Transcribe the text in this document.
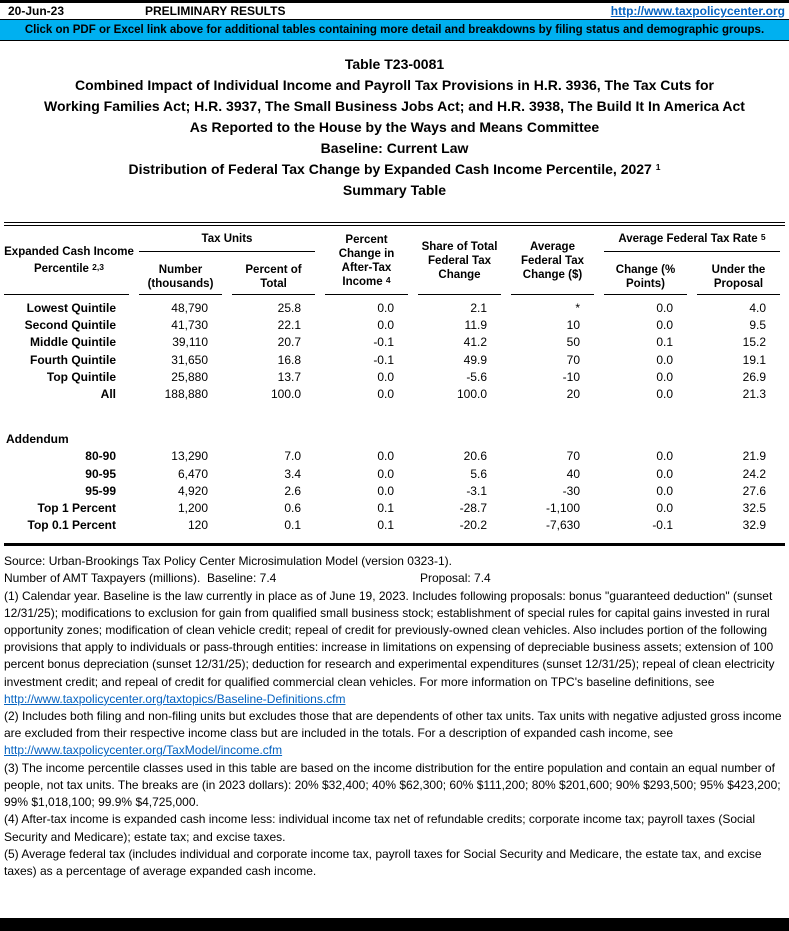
20-Jun-23	PRELIMINARY RESULTS	http://www.taxpolicycenter.org
Click on PDF or Excel link above for additional tables containing more detail and breakdowns by filing status and demographic groups.
Table T23-0081
Combined Impact of Individual Income and Payroll Tax Provisions in H.R. 3936, The Tax Cuts for
Working Families Act; H.R. 3937, The Small Business Jobs Act; and H.R. 3938, The Build It In America Act
As Reported to the House by the Ways and Means Committee
Baseline: Current Law
Distribution of Federal Tax Change by Expanded Cash Income Percentile, 2027 $^1$
Summary Table
Expanded Cash Income
Percentile $^{2,3}$
Tax Units
Number
(thousands)
Percent of
Total
Percent
Change in
After-Tax
Income $^4$
Share of Total
Federal Tax
Change
Average
Federal Tax
Change ($)
Average Federal Tax Rate $^5$
Change (%
Points)
Under the
Proposal
Lowest Quintile	48,790	25.8	0.0	2.1	*	0.0	4.0
Second Quintile	41,730	22.1	0.0	11.9	10	0.0	9.5
Middle Quintile	39,110	20.7	-0.1	41.2	50	0.1	15.2
Fourth Quintile	31,650	16.8	-0.1	49.9	70	0.0	19.1
Top Quintile	25,880	13.7	0.0	-5.6	-10	0.0	26.9
All	188,880	100.0	0.0	100.0	20	0.0	21.3
Addendum
80-90	13,290	7.0	0.0	20.6	70	0.0	21.9
90-95	6,470	3.4	0.0	5.6	40	0.0	24.2
95-99	4,920	2.6	0.0	-3.1	-30	0.0	27.6
Top 1 Percent	1,200	0.6	0.1	-28.7	-1,100	0.0	32.5
Top 0.1 Percent	120	0.1	0.1	-20.2	-7,630	-0.1	32.9
Source: Urban-Brookings Tax Policy Center Microsimulation Model (version 0323-1).
Number of AMT Taxpayers (millions).  Baseline: 7.4	Proposal: 7.4
(1) Calendar year. Baseline is the law currently in place as of June 19, 2023. Includes following proposals: bonus "guaranteed deduction" (sunset 12/31/25); modifications to exclusion for gain from qualified small business stock; establishment of special rules for capital gains invested in rural opportunity zones; modification of clean vehicle credit; repeal of credit for previously-owned clean vehicles. Also includes portion of the following provisions that apply to individuals or pass-through entities: increase in limitations on expensing of depreciable business assets; extension of 100 percent bonus depreciation (sunset 12/31/25); deduction for research and experimental expenditures (sunset 12/31/25); repeal of clean electricity investment credit; and repeal of credit for qualified commercial clean vehicles. For more information on TPC's baseline definitions, see
http://www.taxpolicycenter.org/taxtopics/Baseline-Definitions.cfm
(2) Includes both filing and non-filing units but excludes those that are dependents of other tax units. Tax units with negative adjusted gross income are excluded from their respective income class but are included in the totals. For a description of expanded cash income, see
http://www.taxpolicycenter.org/TaxModel/income.cfm
(3) The income percentile classes used in this table are based on the income distribution for the entire population and contain an equal number of people, not tax units. The breaks are (in 2023 dollars): 20% $32,400; 40% $62,300; 60% $111,200; 80% $201,600; 90% $293,500; 95% $423,200; 99% $1,018,100; 99.9% $4,725,000.
(4) After-tax income is expanded cash income less: individual income tax net of refundable credits; corporate income tax; payroll taxes (Social Security and Medicare); estate tax; and excise taxes.
(5) Average federal tax (includes individual and corporate income tax, payroll taxes for Social Security and Medicare, the estate tax, and excise taxes) as a percentage of average expanded cash income.
